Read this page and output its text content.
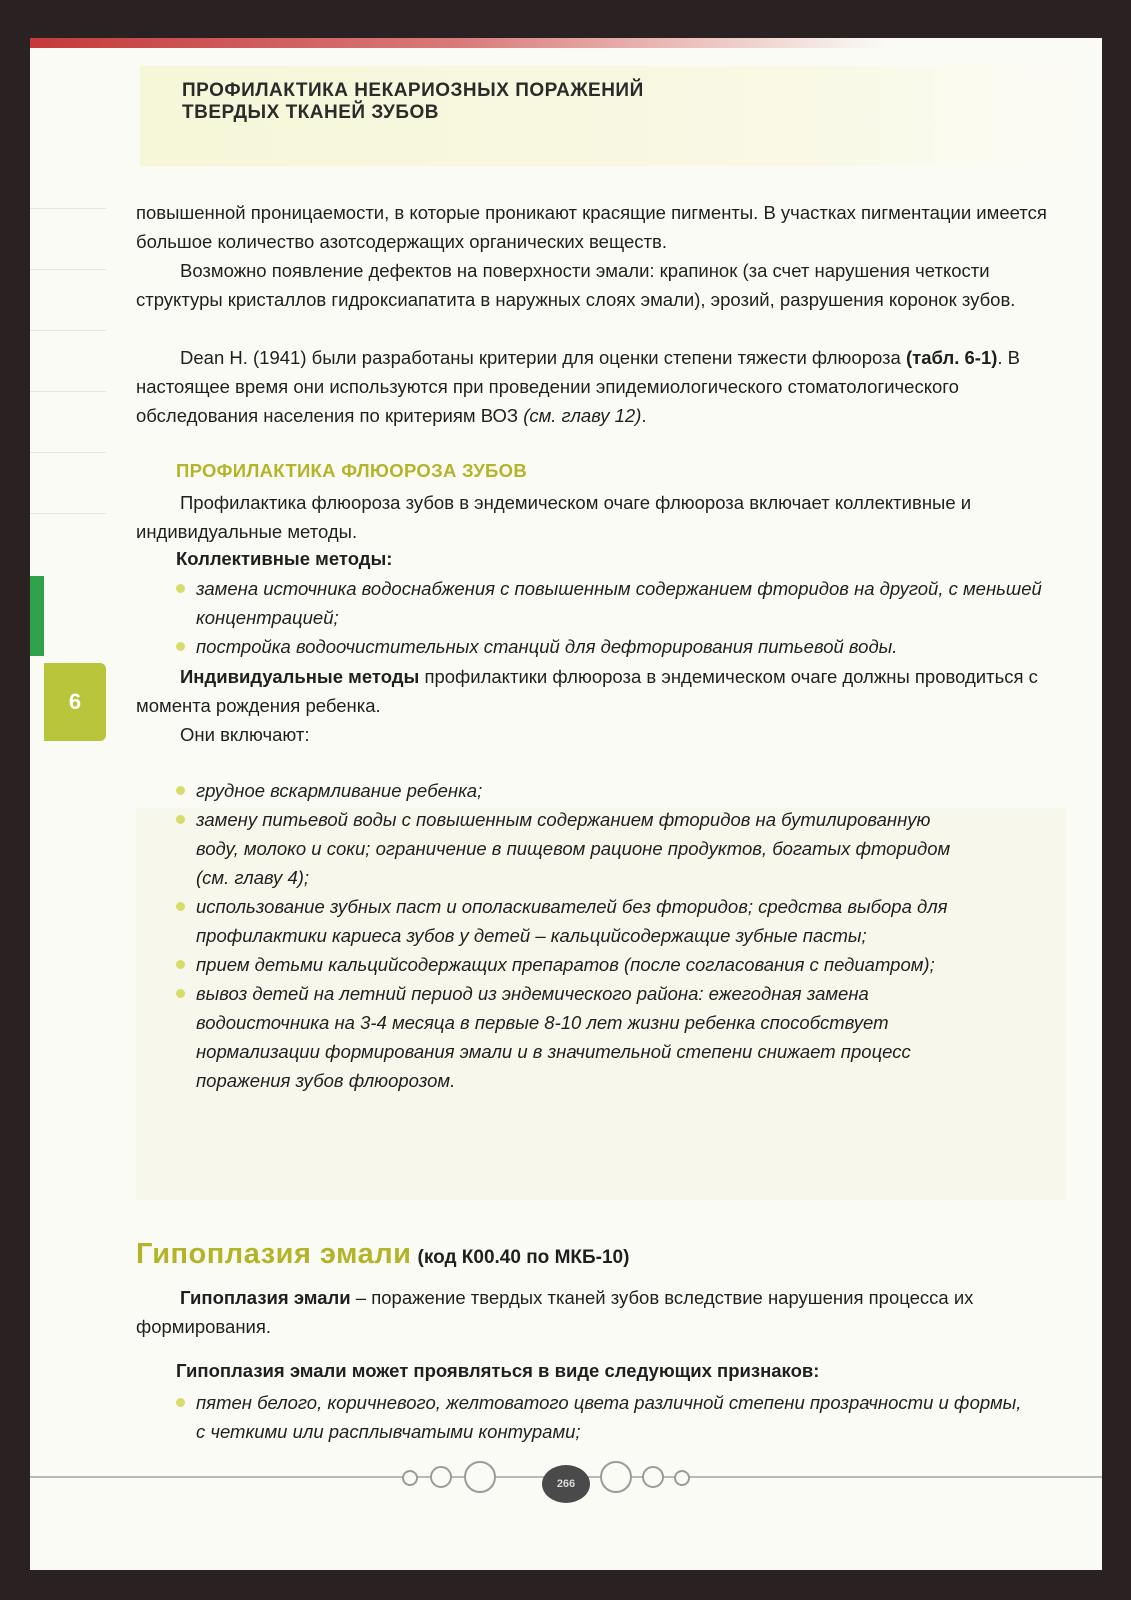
ПРОФИЛАКТИКА НЕКАРИОЗНЫХ ПОРАЖЕНИЙ
ТВЕРДЫХ ТКАНЕЙ ЗУБОВ
6

повышенной проницаемости, в которые проникают красящие пигменты. В участках пигментации имеется большое количество азотсодержащих органических веществ.

Возможно появление дефектов на поверхности эмали: крапинок (за счет нарушения четкости структуры кристаллов гидроксиапатита в наружных слоях эмали), эрозий, разрушения коронок зубов.

Dean H. (1941) были разработаны критерии для оценки степени тяжести флюороза (табл. 6-1). В настоящее время они используются при проведении эпидемиологического стоматологического обследования населения по критериям ВОЗ (см. главу 12).

ПРОФИЛАКТИКА ФЛЮОРОЗА ЗУБОВ

Профилактика флюороза зубов в эндемическом очаге флюороза включает коллективные и индивидуальные методы.

Коллективные методы:
замена источника водоснабжения с повышенным содержанием фторидов на другой, с меньшей концентрацией;
постройка водоочистительных станций для дефторирования питьевой воды.

Индивидуальные методы профилактики флюороза в эндемическом очаге должны проводиться с момента рождения ребенка.

Они включают:

грудное вскармливание ребенка;
замену питьевой воды с повышенным содержанием фторидов на бутилированную воду, молоко и соки; ограничение в пищевом рационе продуктов, богатых фторидом (см. главу 4);
использование зубных паст и ополаскивателей без фторидов; средства выбора для профилактики кариеса зубов у детей – кальцийсодержащие зубные пасты;
прием детьми кальцийсодержащих препаратов (после согласования с педиатром);
вывоз детей на летний период из эндемического района: ежегодная замена водоисточника на 3-4 месяца в первые 8-10 лет жизни ребенка способствует нормализации формирования эмали и в значительной степени снижает процесс поражения зубов флюорозом.
Гипоплазия эмали (код К00.40 по МКБ-10)

Гипоплазия эмали – поражение твердых тканей зубов вследствие нарушения процесса их формирования.

Гипоплазия эмали может проявляться в виде следующих признаков:
пятен белого, коричневого, желтоватого цвета различной степени прозрачности и формы, с четкими или расплывчатыми контурами;
266
